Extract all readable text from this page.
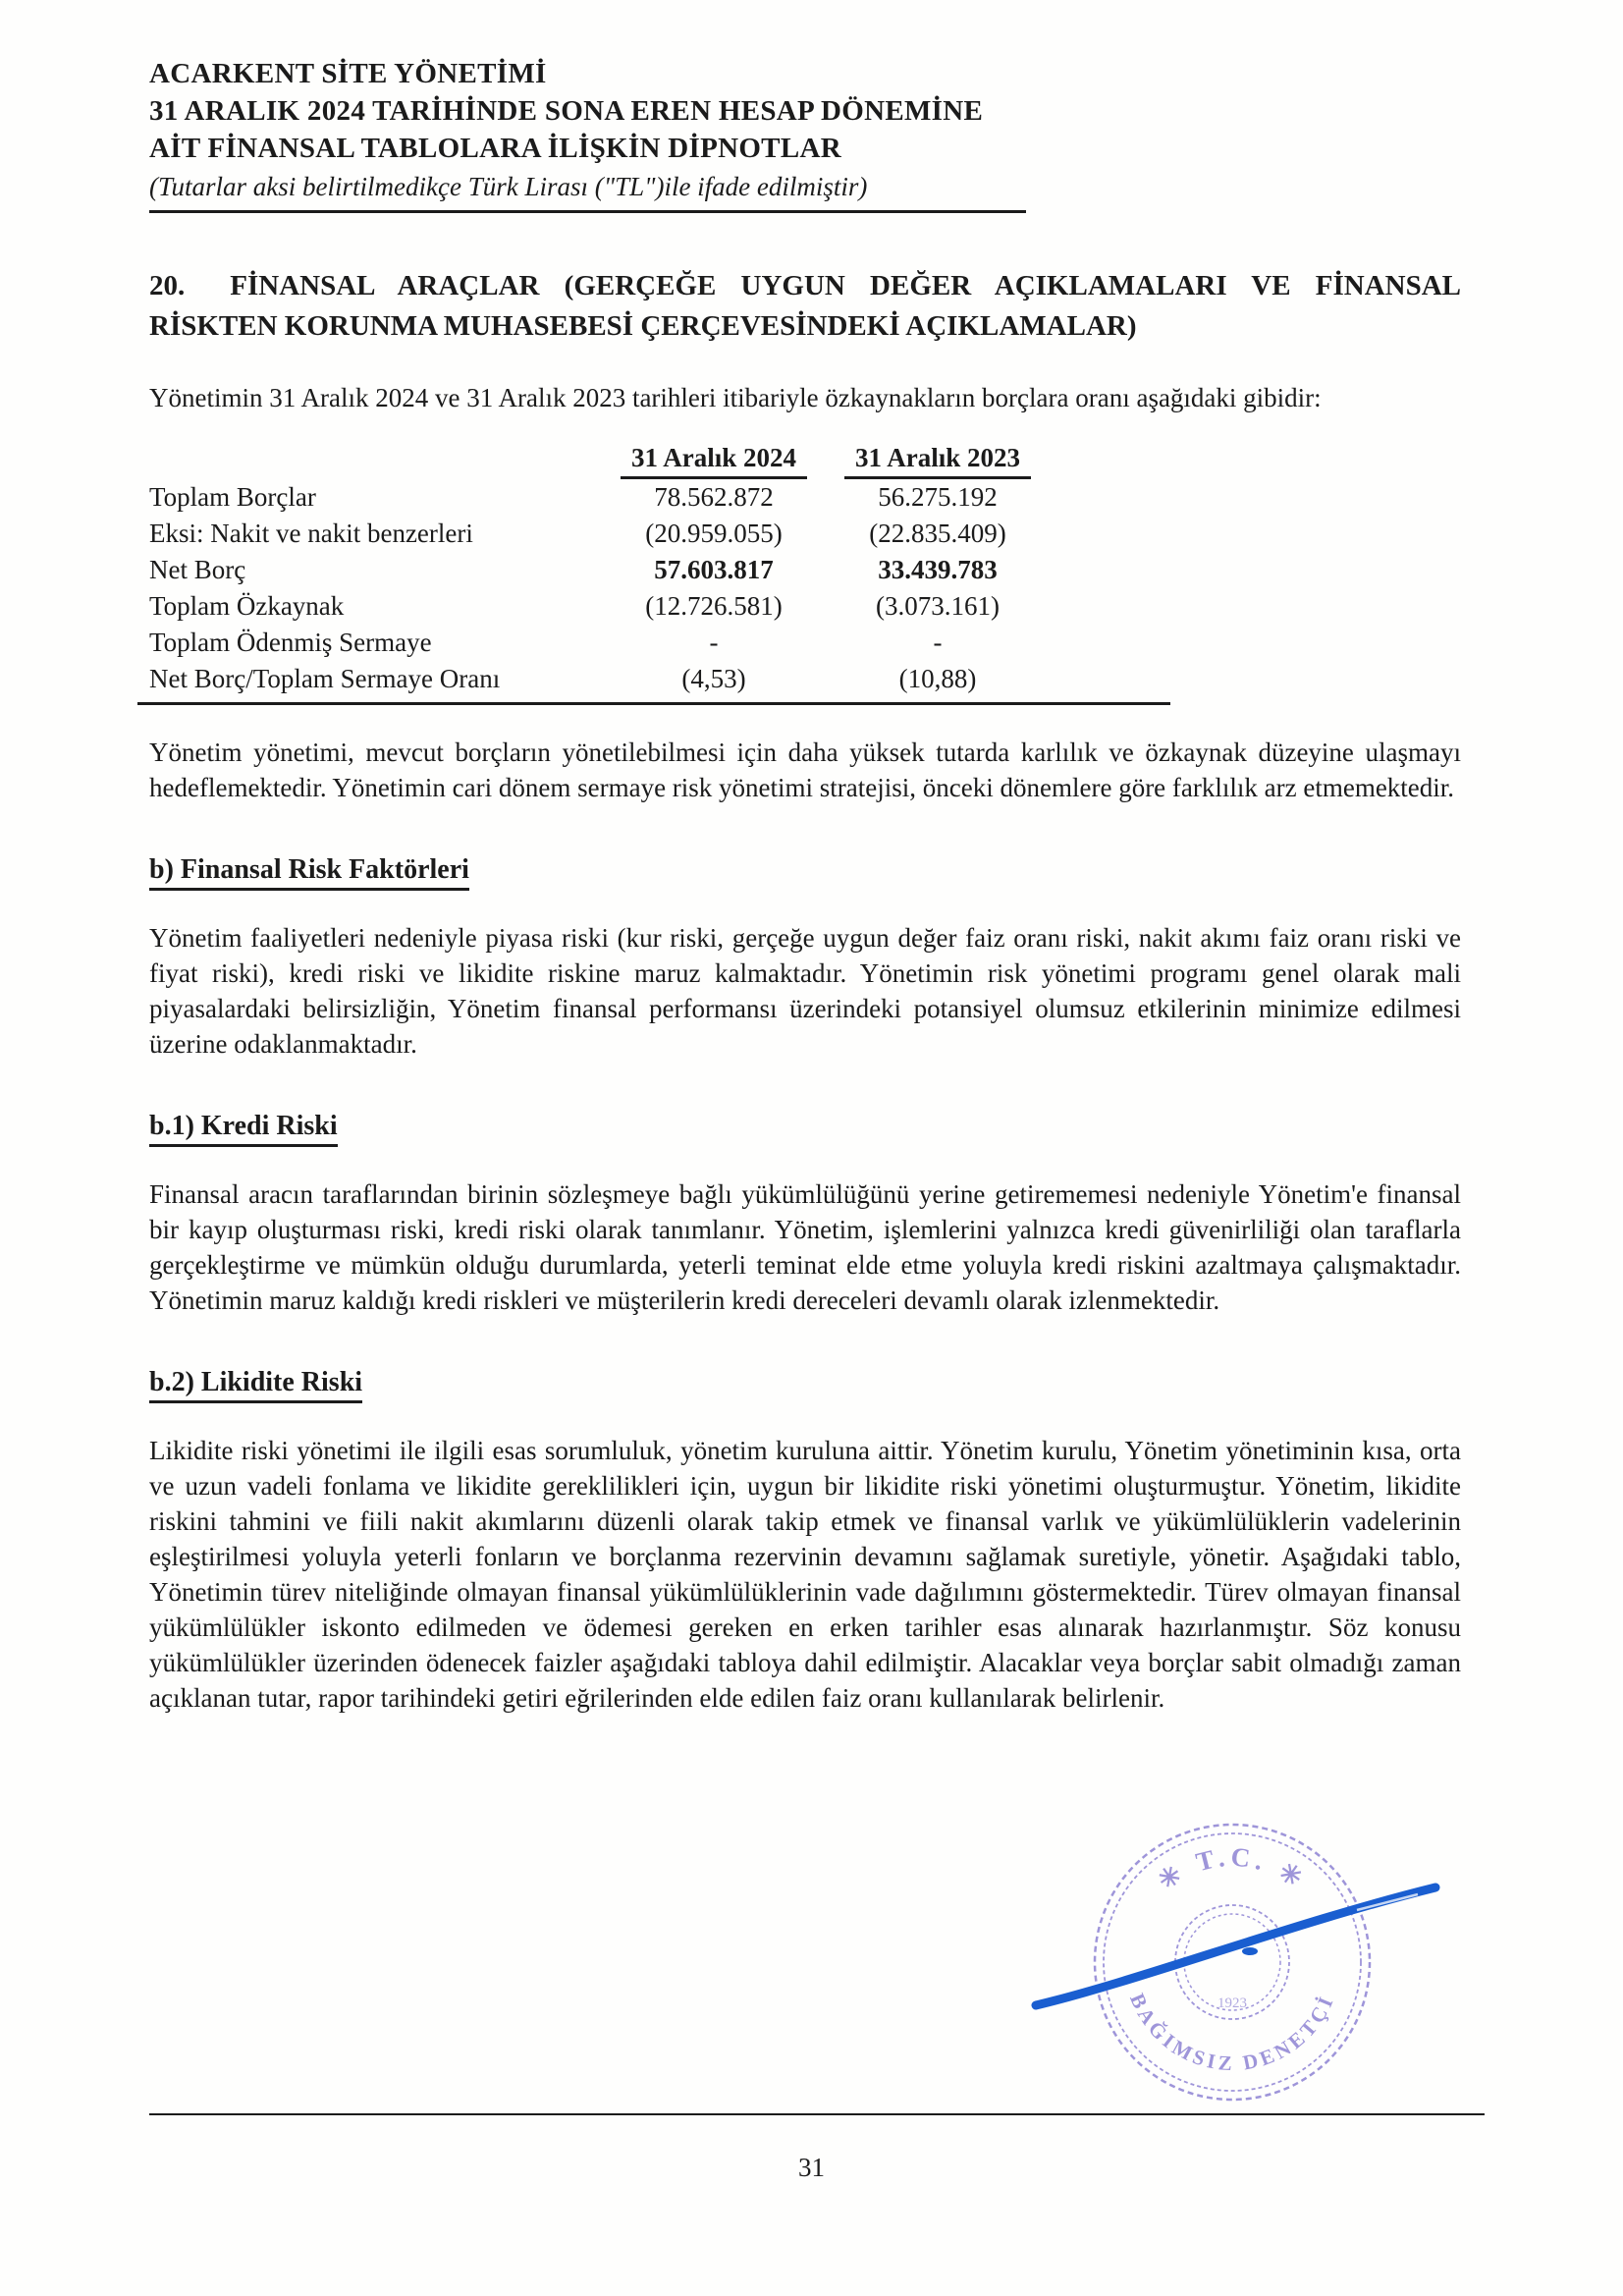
ACARKENT SİTE YÖNETİMİ
31 ARALIK 2024 TARİHİNDE SONA EREN HESAP DÖNEMİNE
AİT FİNANSAL TABLOLARA İLİŞKİN DİPNOTLAR
(Tutarlar aksi belirtilmedikçe Türk Lirası ("TL")ile ifade edilmiştir)
20. FİNANSAL ARAÇLAR (GERÇEĞE UYGUN DEĞER AÇIKLAMALARI VE FİNANSAL RİSKTEN KORUNMA MUHASEBESİ ÇERÇEVESİNDEKİ AÇIKLAMALAR)
Yönetimin 31 Aralık 2024 ve 31 Aralık 2023 tarihleri itibariyle özkaynakların borçlara oranı aşağıdaki gibidir:
	31 Aralık 2024		31 Aralık 2023	
Toplam Borçlar	78.562.872		56.275.192	
Eksi: Nakit ve nakit benzerleri	(20.959.055)		(22.835.409)	
Net Borç	57.603.817		33.439.783	
Toplam Özkaynak	(12.726.581)		(3.073.161)	
Toplam Ödenmiş Sermaye	-		-	
Net Borç/Toplam Sermaye Oranı	(4,53)		(10,88)	
Yönetim yönetimi, mevcut borçların yönetilebilmesi için daha yüksek tutarda karlılık ve özkaynak düzeyine ulaşmayı hedeflemektedir. Yönetimin cari dönem sermaye risk yönetimi stratejisi, önceki dönemlere göre farklılık arz etmemektedir.
b) Finansal Risk Faktörleri
Yönetim faaliyetleri nedeniyle piyasa riski (kur riski, gerçeğe uygun değer faiz oranı riski, nakit akımı faiz oranı riski ve fiyat riski), kredi riski ve likidite riskine maruz kalmaktadır. Yönetimin risk yönetimi programı genel olarak mali piyasalardaki belirsizliğin, Yönetim finansal performansı üzerindeki potansiyel olumsuz etkilerinin minimize edilmesi üzerine odaklanmaktadır.
b.1) Kredi Riski
Finansal aracın taraflarından birinin sözleşmeye bağlı yükümlülüğünü yerine getirememesi nedeniyle Yönetim'e finansal bir kayıp oluşturması riski, kredi riski olarak tanımlanır. Yönetim, işlemlerini yalnızca kredi güvenirliliği olan taraflarla gerçekleştirme ve mümkün olduğu durumlarda, yeterli teminat elde etme yoluyla kredi riskini azaltmaya çalışmaktadır. Yönetimin maruz kaldığı kredi riskleri ve müşterilerin kredi dereceleri devamlı olarak izlenmektedir.
b.2) Likidite Riski
Likidite riski yönetimi ile ilgili esas sorumluluk, yönetim kuruluna aittir. Yönetim kurulu, Yönetim yönetiminin kısa, orta ve uzun vadeli fonlama ve likidite gereklilikleri için, uygun bir likidite riski yönetimi oluşturmuştur. Yönetim, likidite riskini tahmini ve fiili nakit akımlarını düzenli olarak takip etmek ve finansal varlık ve yükümlülüklerin vadelerinin eşleştirilmesi yoluyla yeterli fonların ve borçlanma rezervinin devamını sağlamak suretiyle, yönetir. Aşağıdaki tablo, Yönetimin türev niteliğinde olmayan finansal yükümlülüklerinin vade dağılımını göstermektedir. Türev olmayan finansal yükümlülükler iskonto edilmeden ve ödemesi gereken en erken tarihler esas alınarak hazırlanmıştır. Söz konusu yükümlülükler üzerinden ödenecek faizler aşağıdaki tabloya dahil edilmiştir. Alacaklar veya borçlar sabit olmadığı zaman açıklanan tutar, rapor tarihindeki getiri eğrilerinden elde edilen faiz oranı kullanılarak belirlenir.
✳ T.C. ✳
BAĞIMSIZ DENETÇİ
1923
31
